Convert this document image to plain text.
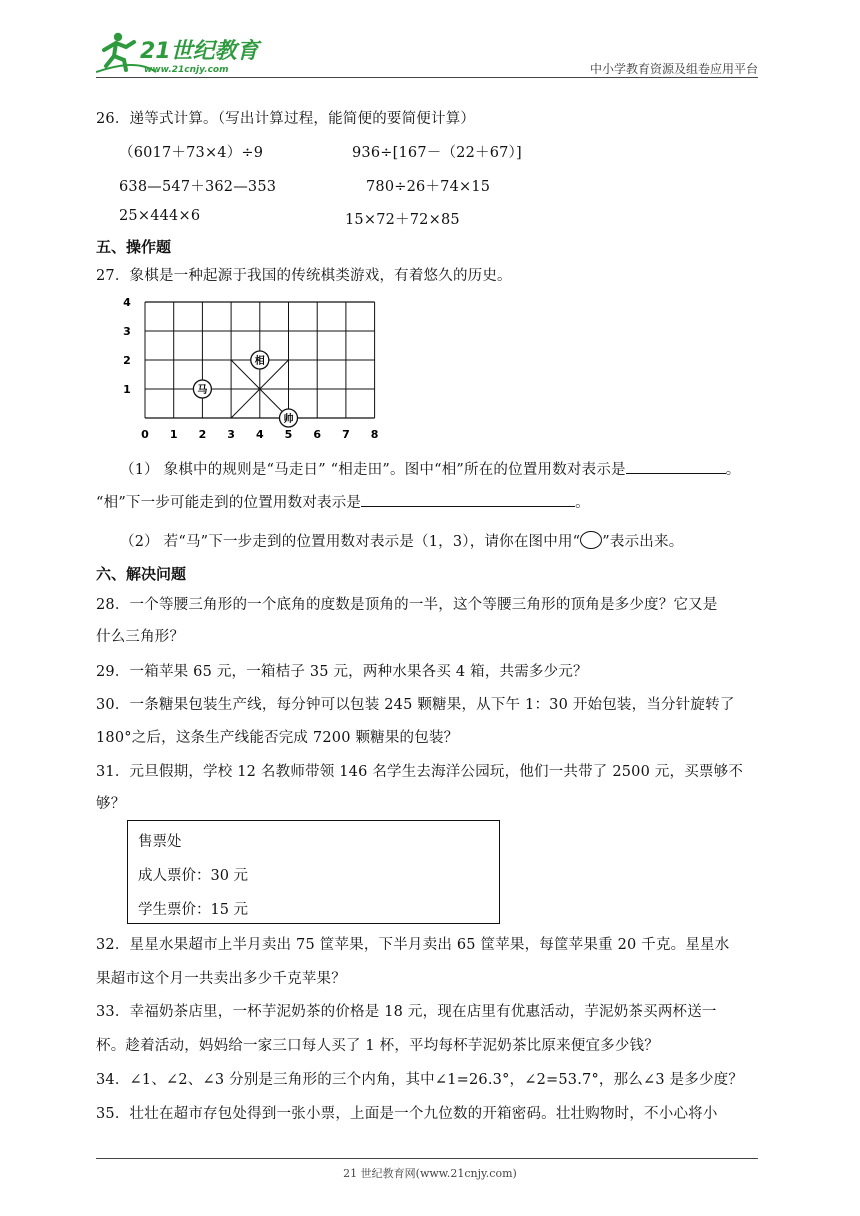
21世纪教育
www.21cnjy.com	中小学教育资源及组卷应用平台
26．递等式计算。（写出计算过程，能简便的要简便计算）
（6017＋73×4）÷9	936÷[167－（22＋67）]
638—547＋362—353	780÷26＋74×15
25×444×6	15×72＋72×85
五、操作题
27．象棋是一种起源于我国的传统棋类游戏，有着悠久的历史。
0 1 2 3 4 5 6 7 8
1
2
3
4
马
相
帅
（1） 象棋中的规则是“马走日” “相走田”。图中“相”所在的位置用数对表示是	。
“相”下一步可能走到的位置用数对表示是	。
（2） 若“马”下一步走到的位置用数对表示是（1，3），请你在图中用“ ”表示出来。
六、解决问题
28．一个等腰三角形的一个底角的度数是顶角的一半，这个等腰三角形的顶角是多少度？它又是
什么三角形？
29．一箱苹果 65 元，一箱桔子 35 元，两种水果各买 4 箱，共需多少元？
30．一条糖果包装生产线，每分钟可以包装 245 颗糖果，从下午 1：30 开始包装，当分针旋转了
180°之后，这条生产线能否完成 7200 颗糖果的包装？
31．元旦假期，学校 12 名教师带领 146 名学生去海洋公园玩，他们一共带了 2500 元，买票够不
够？
售票处
成人票价：30 元
学生票价：15 元
32．星星水果超市上半月卖出 75 筐苹果，下半月卖出 65 筐苹果，每筐苹果重 20 千克。星星水
果超市这个月一共卖出多少千克苹果？
33．幸福奶茶店里，一杯芋泥奶茶的价格是 18 元，现在店里有优惠活动，芋泥奶茶买两杯送一
杯。趁着活动，妈妈给一家三口每人买了 1 杯，平均每杯芋泥奶茶比原来便宜多少钱？
34．∠1、∠2、∠3 分别是三角形的三个内角，其中∠1=26.3°，∠2=53.7°，那么∠3 是多少度？
35．壮壮在超市存包处得到一张小票，上面是一个九位数的开箱密码。壮壮购物时，不小心将小
21 世纪教育网(www.21cnjy.com)
